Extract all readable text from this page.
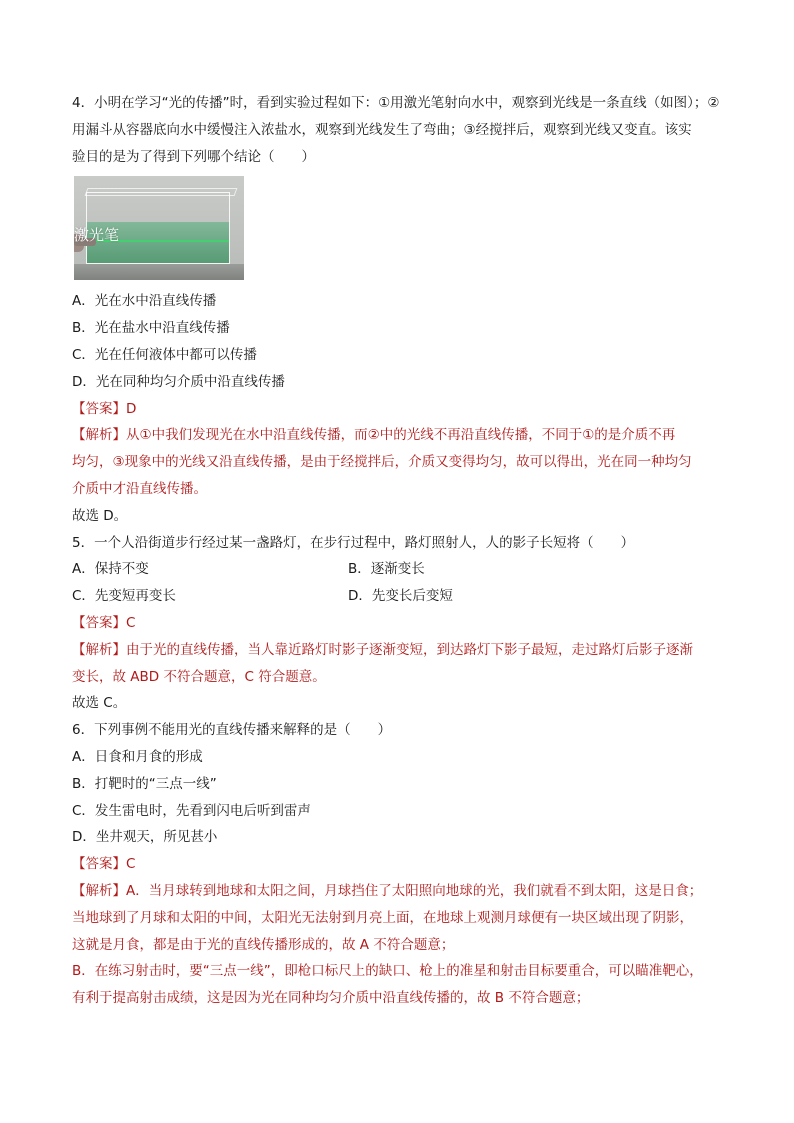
4．小明在学习“光的传播”时，看到实验过程如下：①用激光笔射向水中，观察到光线是一条直线（如图）；②
用漏斗从容器底向水中缓慢注入浓盐水，观察到光线发生了弯曲；③经搅拌后，观察到光线又变直。该实
验目的是为了得到下列哪个结论（　　）
激光笔
A．光在水中沿直线传播
B．光在盐水中沿直线传播
C．光在任何液体中都可以传播
D．光在同种均匀介质中沿直线传播
【答案】D
【解析】从①中我们发现光在水中沿直线传播，而②中的光线不再沿直线传播，不同于①的是介质不再
均匀，③现象中的光线又沿直线传播，是由于经搅拌后，介质又变得均匀，故可以得出，光在同一种均匀
介质中才沿直线传播。
故选 D。
5．一个人沿街道步行经过某一盏路灯，在步行过程中，路灯照射人，人的影子长短将（　　）
A．保持不变	B．逐渐变长
C．先变短再变长	D．先变长后变短
【答案】C
【解析】由于光的直线传播，当人靠近路灯时影子逐渐变短，到达路灯下影子最短，走过路灯后影子逐渐
变长，故 ABD 不符合题意，C 符合题意。
故选 C。
6．下列事例不能用光的直线传播来解释的是（　　）
A．日食和月食的形成
B．打靶时的“三点一线”
C．发生雷电时，先看到闪电后听到雷声
D．坐井观天，所见甚小
【答案】C
【解析】A．当月球转到地球和太阳之间，月球挡住了太阳照向地球的光，我们就看不到太阳，这是日食；
当地球到了月球和太阳的中间，太阳光无法射到月亮上面，在地球上观测月球便有一块区域出现了阴影，
这就是月食，都是由于光的直线传播形成的，故 A 不符合题意；
B．在练习射击时，要“三点一线”，即枪口标尺上的缺口、枪上的准星和射击目标要重合，可以瞄准靶心，
有利于提高射击成绩，这是因为光在同种均匀介质中沿直线传播的，故 B 不符合题意；
